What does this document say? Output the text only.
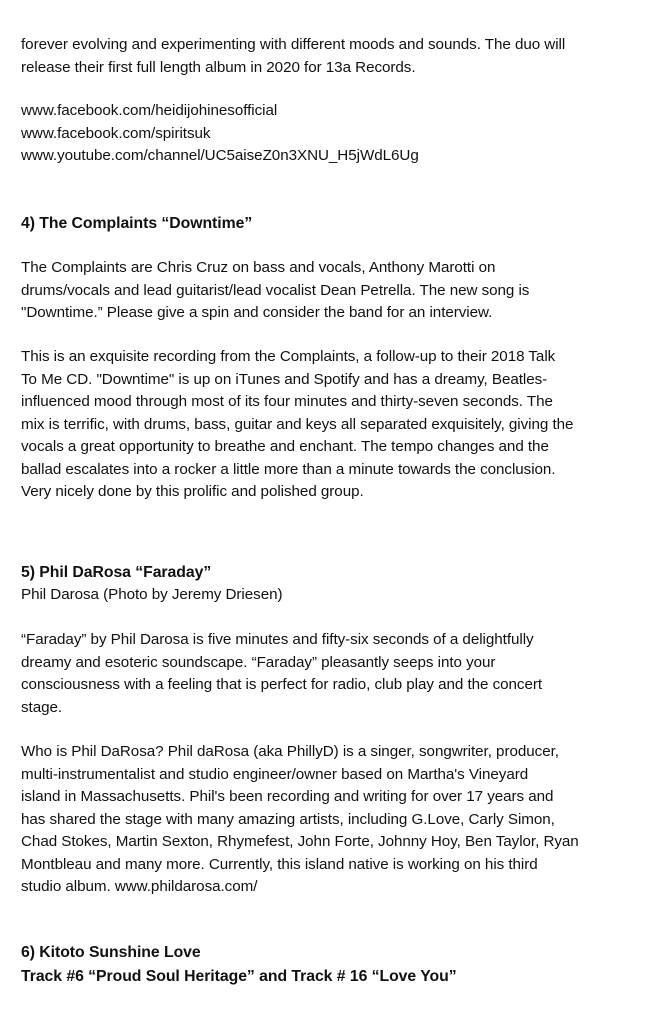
forever evolving and experimenting with different moods and sounds. The duo will
release their first full length album in 2020 for 13a Records.
www.facebook.com/heidijohinesofficial
www.facebook.com/spiritsuk
www.youtube.com/channel/UC5aiseZ0n3XNU_H5jWdL6Ug
4) The Complaints “Downtime”
The Complaints are Chris Cruz on bass and vocals, Anthony Marotti on
drums/vocals and lead guitarist/lead vocalist Dean Petrella. The new song is
"Downtime.” Please give a spin and consider the band for an interview.
This is an exquisite recording from the Complaints, a follow-up to their 2018 Talk
To Me CD. "Downtime" is up on iTunes and Spotify and has a dreamy, Beatles-
influenced mood through most of its four minutes and thirty-seven seconds. The
mix is terrific, with drums, bass, guitar and keys all separated exquisitely, giving the
vocals a great opportunity to breathe and enchant. The tempo changes and the
ballad escalates into a rocker a little more than a minute towards the conclusion.
Very nicely done by this prolific and polished group.
5) Phil DaRosa “Faraday”
Phil Darosa (Photo by Jeremy Driesen)
“Faraday” by Phil Darosa is five minutes and fifty-six seconds of a delightfully
dreamy and esoteric soundscape. “Faraday” pleasantly seeps into your
consciousness with a feeling that is perfect for radio, club play and the concert
stage.
Who is Phil DaRosa? Phil daRosa (aka PhillyD) is a singer, songwriter, producer,
multi-instrumentalist and studio engineer/owner based on Martha's Vineyard
island in Massachusetts. Phil's been recording and writing for over 17 years and
has shared the stage with many amazing artists, including G.Love, Carly Simon,
Chad Stokes, Martin Sexton, Rhymefest, John Forte, Johnny Hoy, Ben Taylor, Ryan
Montbleau and many more. Currently, this island native is working on his third
studio album. www.phildarosa.com/
6) Kitoto Sunshine Love
Track #6 “Proud Soul Heritage” and Track # 16 “Love You”
